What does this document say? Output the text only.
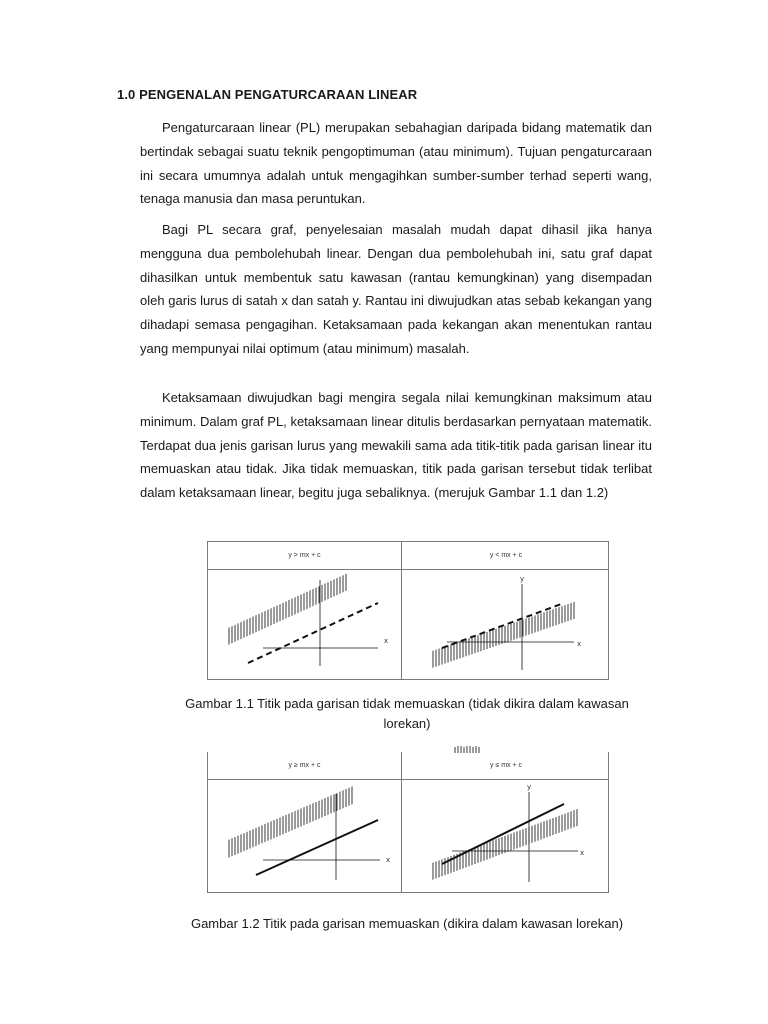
1.0 PENGENALAN PENGATURCARAAN LINEAR

Pengaturcaraan linear (PL) merupakan sebahagian daripada bidang matematik dan bertindak sebagai suatu teknik pengoptimuman (atau minimum). Tujuan pengaturcaraan ini secara umumnya adalah untuk mengagihkan sumber-sumber terhad seperti wang, tenaga manusia dan masa peruntukan.

Bagi PL secara graf, penyelesaian masalah mudah dapat dihasil jika hanya mengguna dua pembolehubah linear. Dengan dua pembolehubah ini, satu graf dapat dihasilkan untuk membentuk satu kawasan (rantau kemungkinan) yang disempadan oleh garis lurus di satah x dan satah y. Rantau ini diwujudkan atas sebab kekangan yang dihadapi semasa pengagihan. Ketaksamaan pada kekangan akan menentukan rantau yang mempunyai nilai optimum (atau minimum) masalah.

Ketaksamaan diwujudkan bagi mengira segala nilai kemungkinan maksimum atau minimum. Dalam graf PL, ketaksamaan linear ditulis berdasarkan pernyataan matematik. Terdapat dua jenis garisan lurus yang mewakili sama ada titik-titik pada garisan linear itu memuaskan atau tidak. Jika tidak memuaskan, titik pada garisan tersebut tidak terlibat dalam ketaksamaan linear, begitu juga sebaliknya. (merujuk Gambar 1.1 dan 1.2)

y > mx + c	y < mx + c
x
y
x
Gambar 1.1 Titik pada garisan tidak memuaskan (tidak dikira dalam kawasan
lorekan)
y ≥ mx + c	y ≤ mx + c
x
y
x
Gambar 1.2 Titik pada garisan memuaskan (dikira dalam kawasan lorekan)
